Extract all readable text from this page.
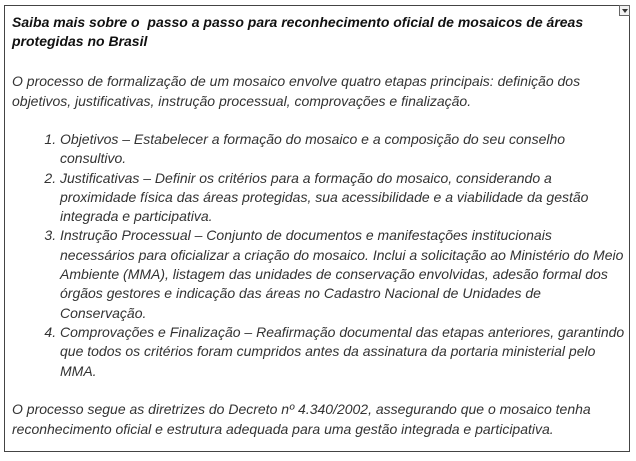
Saiba mais sobre o  passo a passo para reconhecimento oficial de mosaicos de áreas protegidas no Brasil

O processo de formalização de um mosaico envolve quatro etapas principais: definição dos objetivos, justificativas, instrução processual, comprovações e finalização.

1. Objetivos – Estabelecer a formação do mosaico e a composição do seu conselho consultivo.
2. Justificativas – Definir os critérios para a formação do mosaico, considerando a proximidade física das áreas protegidas, sua acessibilidade e a viabilidade da gestão integrada e participativa.
3. Instrução Processual – Conjunto de documentos e manifestações institucionais necessários para oficializar a criação do mosaico. Inclui a solicitação ao Ministério do Meio Ambiente (MMA), listagem das unidades de conservação envolvidas, adesão formal dos órgãos gestores e indicação das áreas no Cadastro Nacional de Unidades de Conservação.
4. Comprovações e Finalização – Reafirmação documental das etapas anteriores, garantindo que todos os critérios foram cumpridos antes da assinatura da portaria ministerial pelo MMA.

O processo segue as diretrizes do Decreto nº 4.340/2002, assegurando que o mosaico tenha reconhecimento oficial e estrutura adequada para uma gestão integrada e participativa.
